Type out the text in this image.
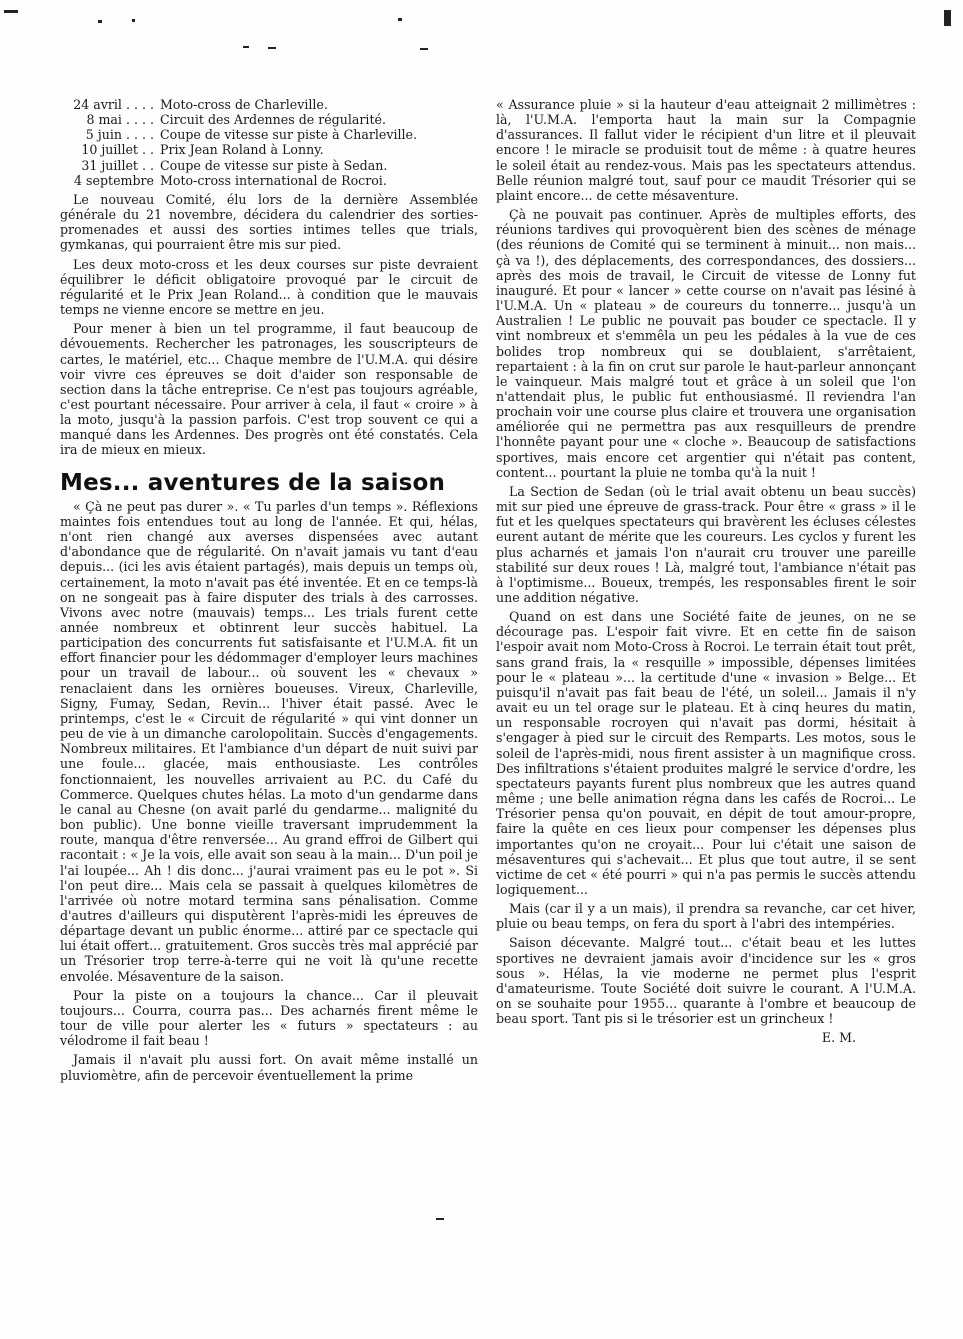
24 avril . . . . Moto-cross de Charleville.
8 mai . . . . Circuit des Ardennes de régularité.
5 juin . . . . Coupe de vitesse sur piste à Charleville.
10 juillet . . Prix Jean Roland à Lonny.
31 juillet . . Coupe de vitesse sur piste à Sedan.
4 septembre Moto-cross international de Rocroi.

Le nouveau Comité, élu lors de la dernière Assemblée générale du 21 novembre, décidera du calendrier des sorties-promenades et aussi des sorties intimes telles que trials, gymkanas, qui pourraient être mis sur pied.

Les deux moto-cross et les deux courses sur piste devraient équilibrer le déficit obligatoire provoqué par le circuit de régularité et le Prix Jean Roland... à condition que le mauvais temps ne vienne encore se mettre en jeu.

Pour mener à bien un tel programme, il faut beaucoup de dévouements. Rechercher les patronages, les souscripteurs de cartes, le matériel, etc... Chaque membre de l'U.M.A. qui désire voir vivre ces épreuves se doit d'aider son responsable de section dans la tâche entreprise. Ce n'est pas toujours agréable, c'est pourtant nécessaire. Pour arriver à cela, il faut « croire » à la moto, jusqu'à la passion parfois. C'est trop souvent ce qui a manqué dans les Ardennes. Des progrès ont été constatés. Cela ira de mieux en mieux.

Mes... aventures de la saison

« Çà ne peut pas durer ». « Tu parles d'un temps ». Réflexions maintes fois entendues tout au long de l'année. Et qui, hélas, n'ont rien changé aux averses dispensées avec autant d'abondance que de régularité. On n'avait jamais vu tant d'eau depuis... (ici les avis étaient partagés), mais depuis un temps où, certainement, la moto n'avait pas été inventée. Et en ce temps-là on ne songeait pas à faire disputer des trials à des carrosses. Vivons avec notre (mauvais) temps... Les trials furent cette année nombreux et obtinrent leur succès habituel. La participation des concurrents fut satisfaisante et l'U.M.A. fit un effort financier pour les dédommager d'employer leurs machines pour un travail de labour... où souvent les « chevaux » renaclaient dans les ornières boueuses. Vireux, Charleville, Signy, Fumay, Sedan, Revin... l'hiver était passé. Avec le printemps, c'est le « Circuit de régularité » qui vint donner un peu de vie à un dimanche carolopolitain. Succès d'engagements. Nombreux militaires. Et l'ambiance d'un départ de nuit suivi par une foule... glacée, mais enthousiaste. Les contrôles fonctionnaient, les nouvelles arrivaient au P.C. du Café du Commerce. Quelques chutes hélas. La moto d'un gendarme dans le canal au Chesne (on avait parlé du gendarme... malignité du bon public). Une bonne vieille traversant imprudemment la route, manqua d'être renversée... Au grand effroi de Gilbert qui racontait : « Je la vois, elle avait son seau à la main... D'un poil je l'ai loupée... Ah ! dis donc... j'aurai vraiment pas eu le pot ». Si l'on peut dire... Mais cela se passait à quelques kilomètres de l'arrivée où notre motard termina sans pénalisation. Comme d'autres d'ailleurs qui disputèrent l'après-midi les épreuves de départage devant un public énorme... attiré par ce spectacle qui lui était offert... gratuitement. Gros succès très mal apprécié par un Trésorier trop terre-à-terre qui ne voit là qu'une recette envolée. Mésaventure de la saison.

Pour la piste on a toujours la chance... Car il pleuvait toujours... Courra, courra pas... Des acharnés firent même le tour de ville pour alerter les « futurs » spectateurs : au vélodrome il fait beau !

Jamais il n'avait plu aussi fort. On avait même installé un pluviomètre, afin de percevoir éventuellement la prime

« Assurance pluie » si la hauteur d'eau atteignait 2 millimètres : là, l'U.M.A. l'emporta haut la main sur la Compagnie d'assurances. Il fallut vider le récipient d'un litre et il pleuvait encore ! le miracle se produisit tout de même : à quatre heures le soleil était au rendez-vous. Mais pas les spectateurs attendus. Belle réunion malgré tout, sauf pour ce maudit Trésorier qui se plaint encore... de cette mésaventure.

Çà ne pouvait pas continuer. Après de multiples efforts, des réunions tardives qui provoquèrent bien des scènes de ménage (des réunions de Comité qui se terminent à minuit... non mais... çà va !), des déplacements, des correspondances, des dossiers... après des mois de travail, le Circuit de vitesse de Lonny fut inauguré. Et pour « lancer » cette course on n'avait pas lésiné à l'U.M.A. Un « plateau » de coureurs du tonnerre... jusqu'à un Australien ! Le public ne pouvait pas bouder ce spectacle. Il y vint nombreux et s'emmêla un peu les pédales à la vue de ces bolides trop nombreux qui se doublaient, s'arrêtaient, repartaient : à la fin on crut sur parole le haut-parleur annonçant le vainqueur. Mais malgré tout et grâce à un soleil que l'on n'attendait plus, le public fut enthousiasmé. Il reviendra l'an prochain voir une course plus claire et trouvera une organisation améliorée qui ne permettra pas aux resquilleurs de prendre l'honnête payant pour une « cloche ». Beaucoup de satisfactions sportives, mais encore cet argentier qui n'était pas content, content... pourtant la pluie ne tomba qu'à la nuit !

La Section de Sedan (où le trial avait obtenu un beau succès) mit sur pied une épreuve de grass-track. Pour être « grass » il le fut et les quelques spectateurs qui bravèrent les écluses célestes eurent autant de mérite que les coureurs. Les cyclos y furent les plus acharnés et jamais l'on n'aurait cru trouver une pareille stabilité sur deux roues ! Là, malgré tout, l'ambiance n'était pas à l'optimisme... Boueux, trempés, les responsables firent le soir une addition négative.

Quand on est dans une Société faite de jeunes, on ne se décourage pas. L'espoir fait vivre. Et en cette fin de saison l'espoir avait nom Moto-Cross à Rocroi. Le terrain était tout prêt, sans grand frais, la « resquille » impossible, dépenses limitées pour le « plateau »... la certitude d'une « invasion » Belge... Et puisqu'il n'avait pas fait beau de l'été, un soleil... Jamais il n'y avait eu un tel orage sur le plateau. Et à cinq heures du matin, un responsable rocroyen qui n'avait pas dormi, hésitait à s'engager à pied sur le circuit des Remparts. Les motos, sous le soleil de l'après-midi, nous firent assister à un magnifique cross. Des infiltrations s'étaient produites malgré le service d'ordre, les spectateurs payants furent plus nombreux que les autres quand même ; une belle animation régna dans les cafés de Rocroi... Le Trésorier pensa qu'on pouvait, en dépit de tout amour-propre, faire la quête en ces lieux pour compenser les dépenses plus importantes qu'on ne croyait... Pour lui c'était une saison de mésaventures qui s'achevait... Et plus que tout autre, il se sent victime de cet « été pourri » qui n'a pas permis le succès attendu logiquement...

Mais (car il y a un mais), il prendra sa revanche, car cet hiver, pluie ou beau temps, on fera du sport à l'abri des intempéries.

Saison décevante. Malgré tout... c'était beau et les luttes sportives ne devraient jamais avoir d'incidence sur les « gros sous ». Hélas, la vie moderne ne permet plus l'esprit d'amateurisme. Toute Société doit suivre le courant. A l'U.M.A. on se souhaite pour 1955... quarante à l'ombre et beaucoup de beau sport. Tant pis si le trésorier est un grincheux !

E. M.
